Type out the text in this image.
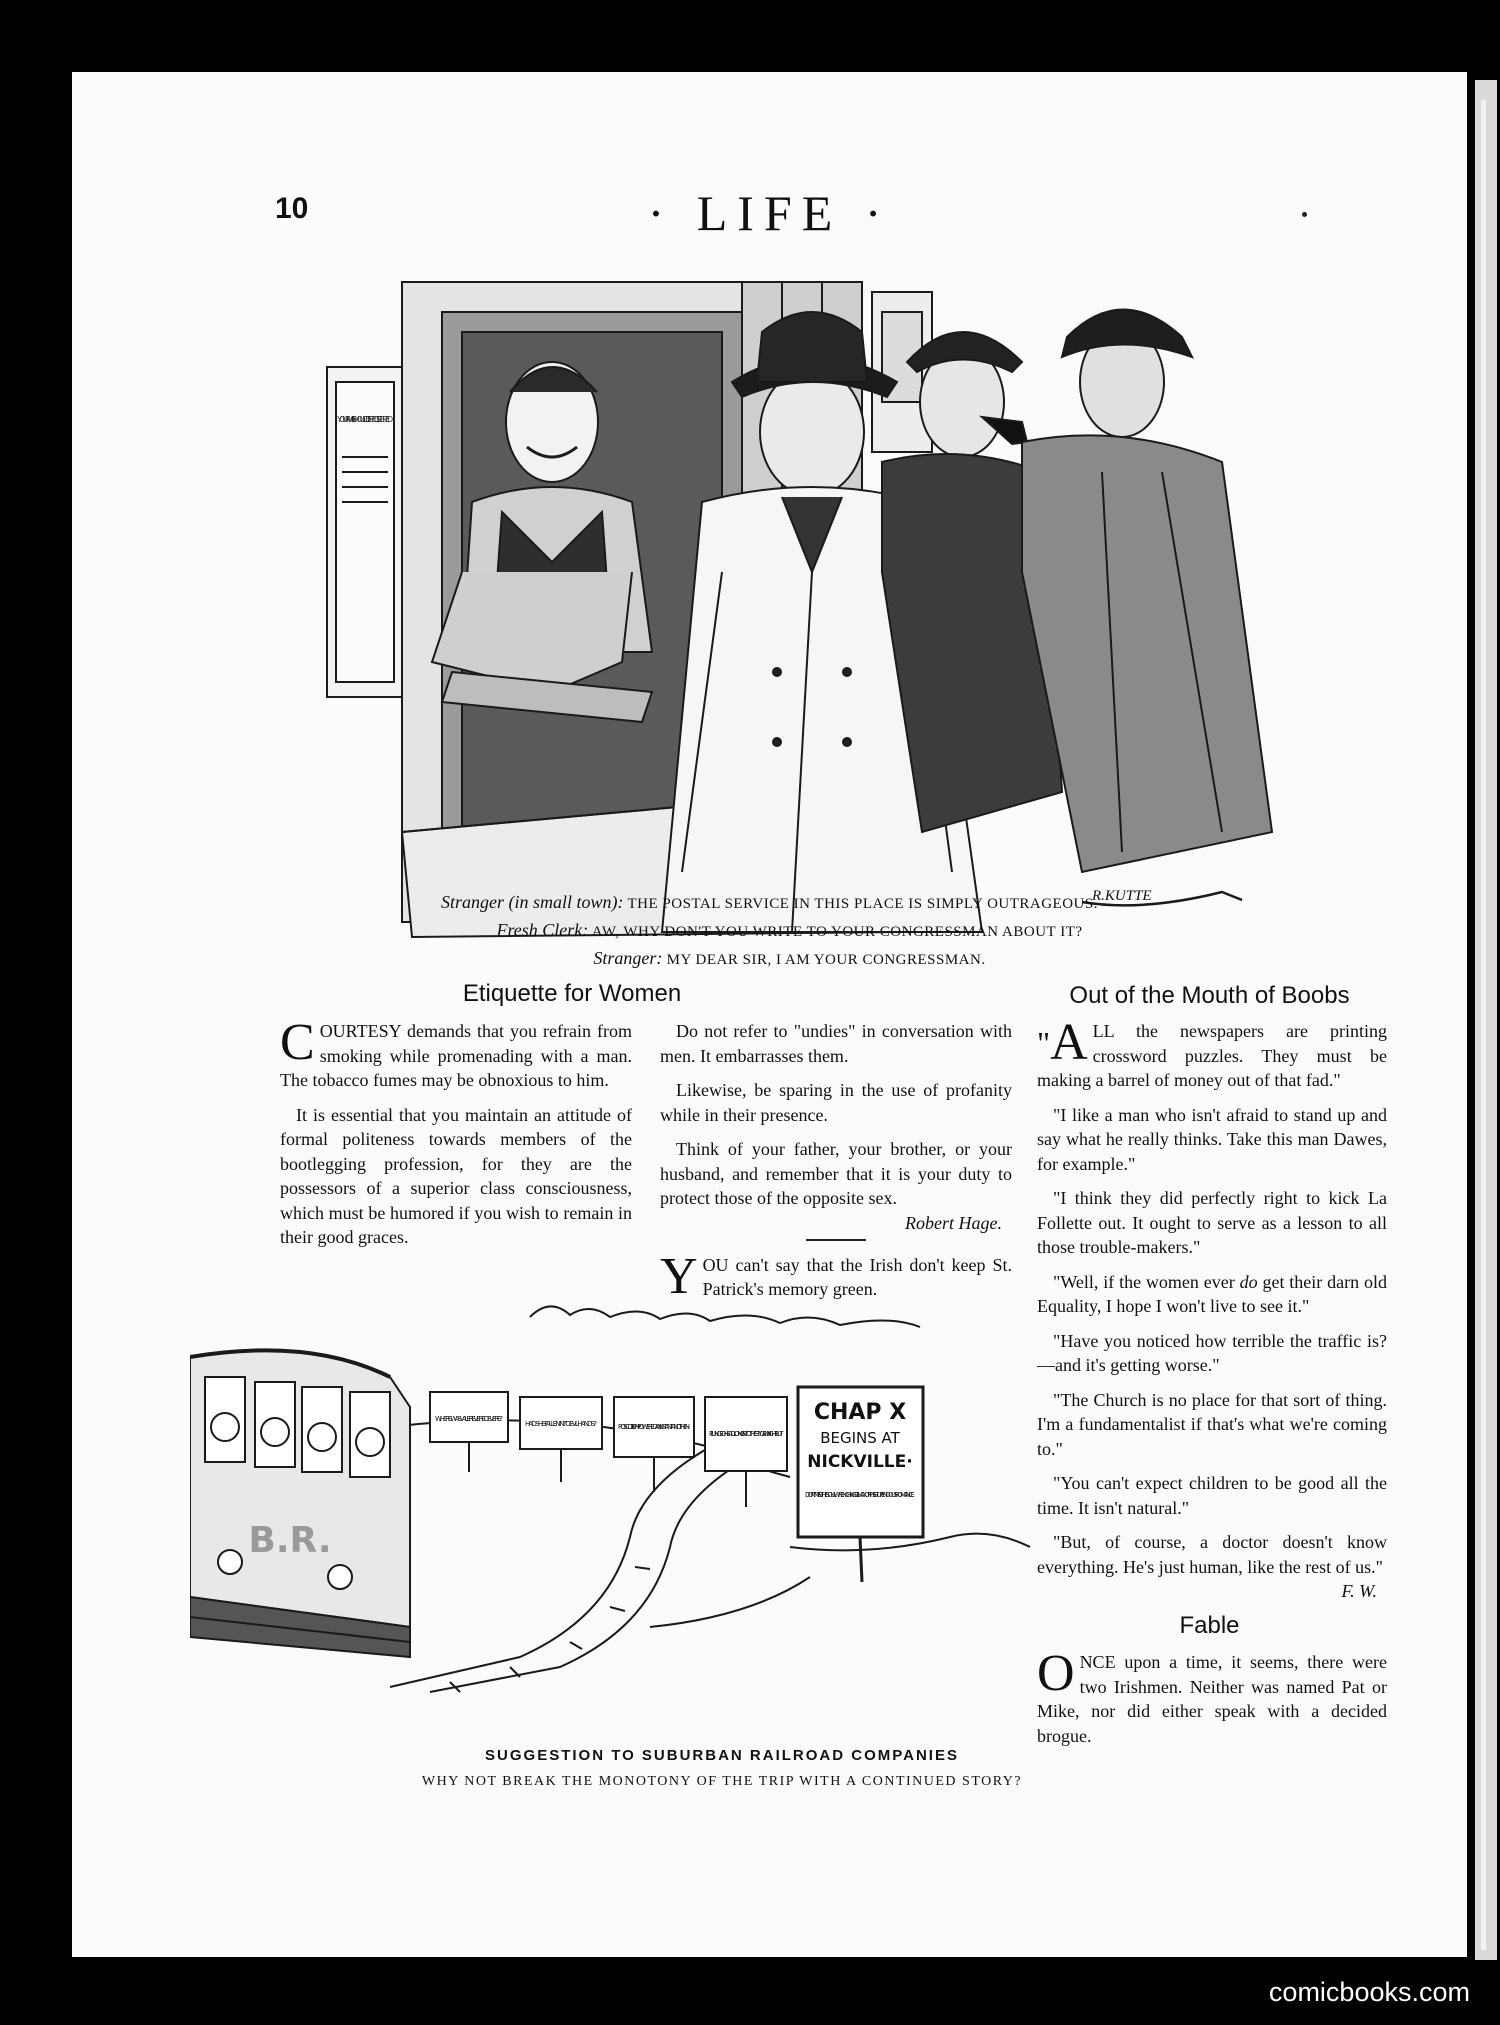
10	· LIFE ·
R.KUTTE
YOUR MAIL SHOULD BE REGISTERED
Stranger (in small town): THE POSTAL SERVICE IN THIS PLACE IS SIMPLY OUTRAGEOUS.
Fresh Clerk: AW, WHY DON'T YOU WRITE TO YOUR CONGRESSMAN ABOUT IT?
Stranger: MY DEAR SIR, I AM YOUR CONGRESSMAN.
Etiquette for Women

COURTESY demands that you refrain from smoking while promenading with a man. The tobacco fumes may be obnoxious to him.

It is essential that you maintain an attitude of formal politeness towards members of the bootlegging profession, for they are the possessors of a superior class consciousness, which must be humored if you wish to remain in their good graces.

Do not refer to "undies" in conversation with men. It embarrasses them.

Likewise, be sparing in the use of profanity while in their presence.

Think of your father, your brother, or your husband, and remember that it is your duty to protect those of the opposite sex.
Robert Hage.

YOU can't say that the Irish don't keep St. Patrick's memory green.

Out of the Mouth of Boobs

" A LL the newspapers are printing crossword puzzles. They must be making a barrel of money out of that fad."

"I like a man who isn't afraid to stand up and say what he really thinks. Take this man Dawes, for example."

"I think they did perfectly right to kick La Follette out. It ought to serve as a lesson to all those trouble-makers."

"Well, if the women ever do get their darn old Equality, I hope I won't live to see it."

"Have you noticed how terrible the traffic is?—and it's getting worse."

"The Church is no place for that sort of thing. I'm a fundamentalist if that's what we're coming to."

"You can't expect children to be good all the time. It isn't natural."

"But, of course, a doctor doesn't know everything. He's just human, like the rest of us."
F. W.

Fable

ONCE upon a time, it seems, there were two Irishmen. Neither was named Pat or Mike, nor did either speak with a decided brogue.

WHERE WAS VALERIE VERE DE VERE?
HAD SHE FALLEN INTO EVIL HANDS?	ROSCOE ILPH POWERED AN INSTANT AND THEN-
PLUNGED HEADLONG INTO THE STYGIAN NIGHT-BUT-
CHAP X
BEGINS AT
NICKVILLE·
DON'T MISS THE SOUL-WRENCHING CLIMAX OF THIS STUPENDOUS ROMANCE
B.R.
SUGGESTION TO SUBURBAN RAILROAD COMPANIES
WHY NOT BREAK THE MONOTONY OF THE TRIP WITH A CONTINUED STORY?
comicbooks.com
